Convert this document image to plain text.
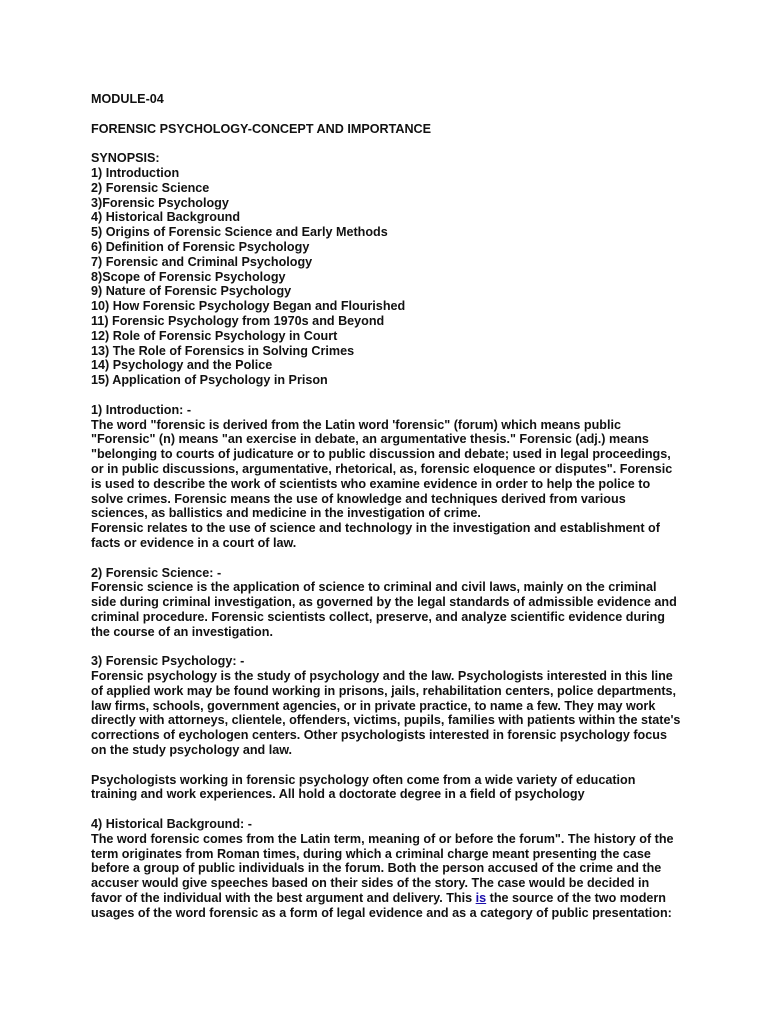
MODULE-04
FORENSIC PSYCHOLOGY-CONCEPT AND IMPORTANCE
SYNOPSIS:
1) Introduction
2) Forensic Science
3)Forensic Psychology
4) Historical Background
5) Origins of Forensic Science and Early Methods
6) Definition of Forensic Psychology
7) Forensic and Criminal Psychology
8)Scope of Forensic Psychology
9) Nature of Forensic Psychology
10) How Forensic Psychology Began and Flourished
11) Forensic Psychology from 1970s and Beyond
12) Role of Forensic Psychology in Court
13) The Role of Forensics in Solving Crimes
14) Psychology and the Police
15) Application of Psychology in Prison
1) Introduction: -
The word "forensic is derived from the Latin word 'forensic" (forum) which means public
"Forensic" (n) means "an exercise in debate, an argumentative thesis." Forensic (adj.) means
"belonging to courts of judicature or to public discussion and debate; used in legal proceedings,
or in public discussions, argumentative, rhetorical, as, forensic eloquence or disputes". Forensic
is used to describe the work of scientists who examine evidence in order to help the police to
solve crimes. Forensic means the use of knowledge and techniques derived from various
sciences, as ballistics and medicine in the investigation of crime.
Forensic relates to the use of science and technology in the investigation and establishment of
facts or evidence in a court of law.
2) Forensic Science: -
Forensic science is the application of science to criminal and civil laws, mainly on the criminal
side during criminal investigation, as governed by the legal standards of admissible evidence and
criminal procedure. Forensic scientists collect, preserve, and analyze scientific evidence during
the course of an investigation.
3) Forensic Psychology: -
Forensic psychology is the study of psychology and the law. Psychologists interested in this line
of applied work may be found working in prisons, jails, rehabilitation centers, police departments,
law firms, schools, government agencies, or in private practice, to name a few. They may work
directly with attorneys, clientele, offenders, victims, pupils, families with patients within the state's
corrections of eychologen centers. Other psychologists interested in forensic psychology focus
on the study psychology and law.
Psychologists working in forensic psychology often come from a wide variety of education
training and work experiences. All hold a doctorate degree in a field of psychology
4) Historical Background: -
The word forensic comes from the Latin term, meaning of or before the forum". The history of the
term originates from Roman times, during which a criminal charge meant presenting the case
before a group of public individuals in the forum. Both the person accused of the crime and the
accuser would give speeches based on their sides of the story. The case would be decided in
favor of the individual with the best argument and delivery. This is the source of the two modern
usages of the word forensic as a form of legal evidence and as a category of public presentation:
